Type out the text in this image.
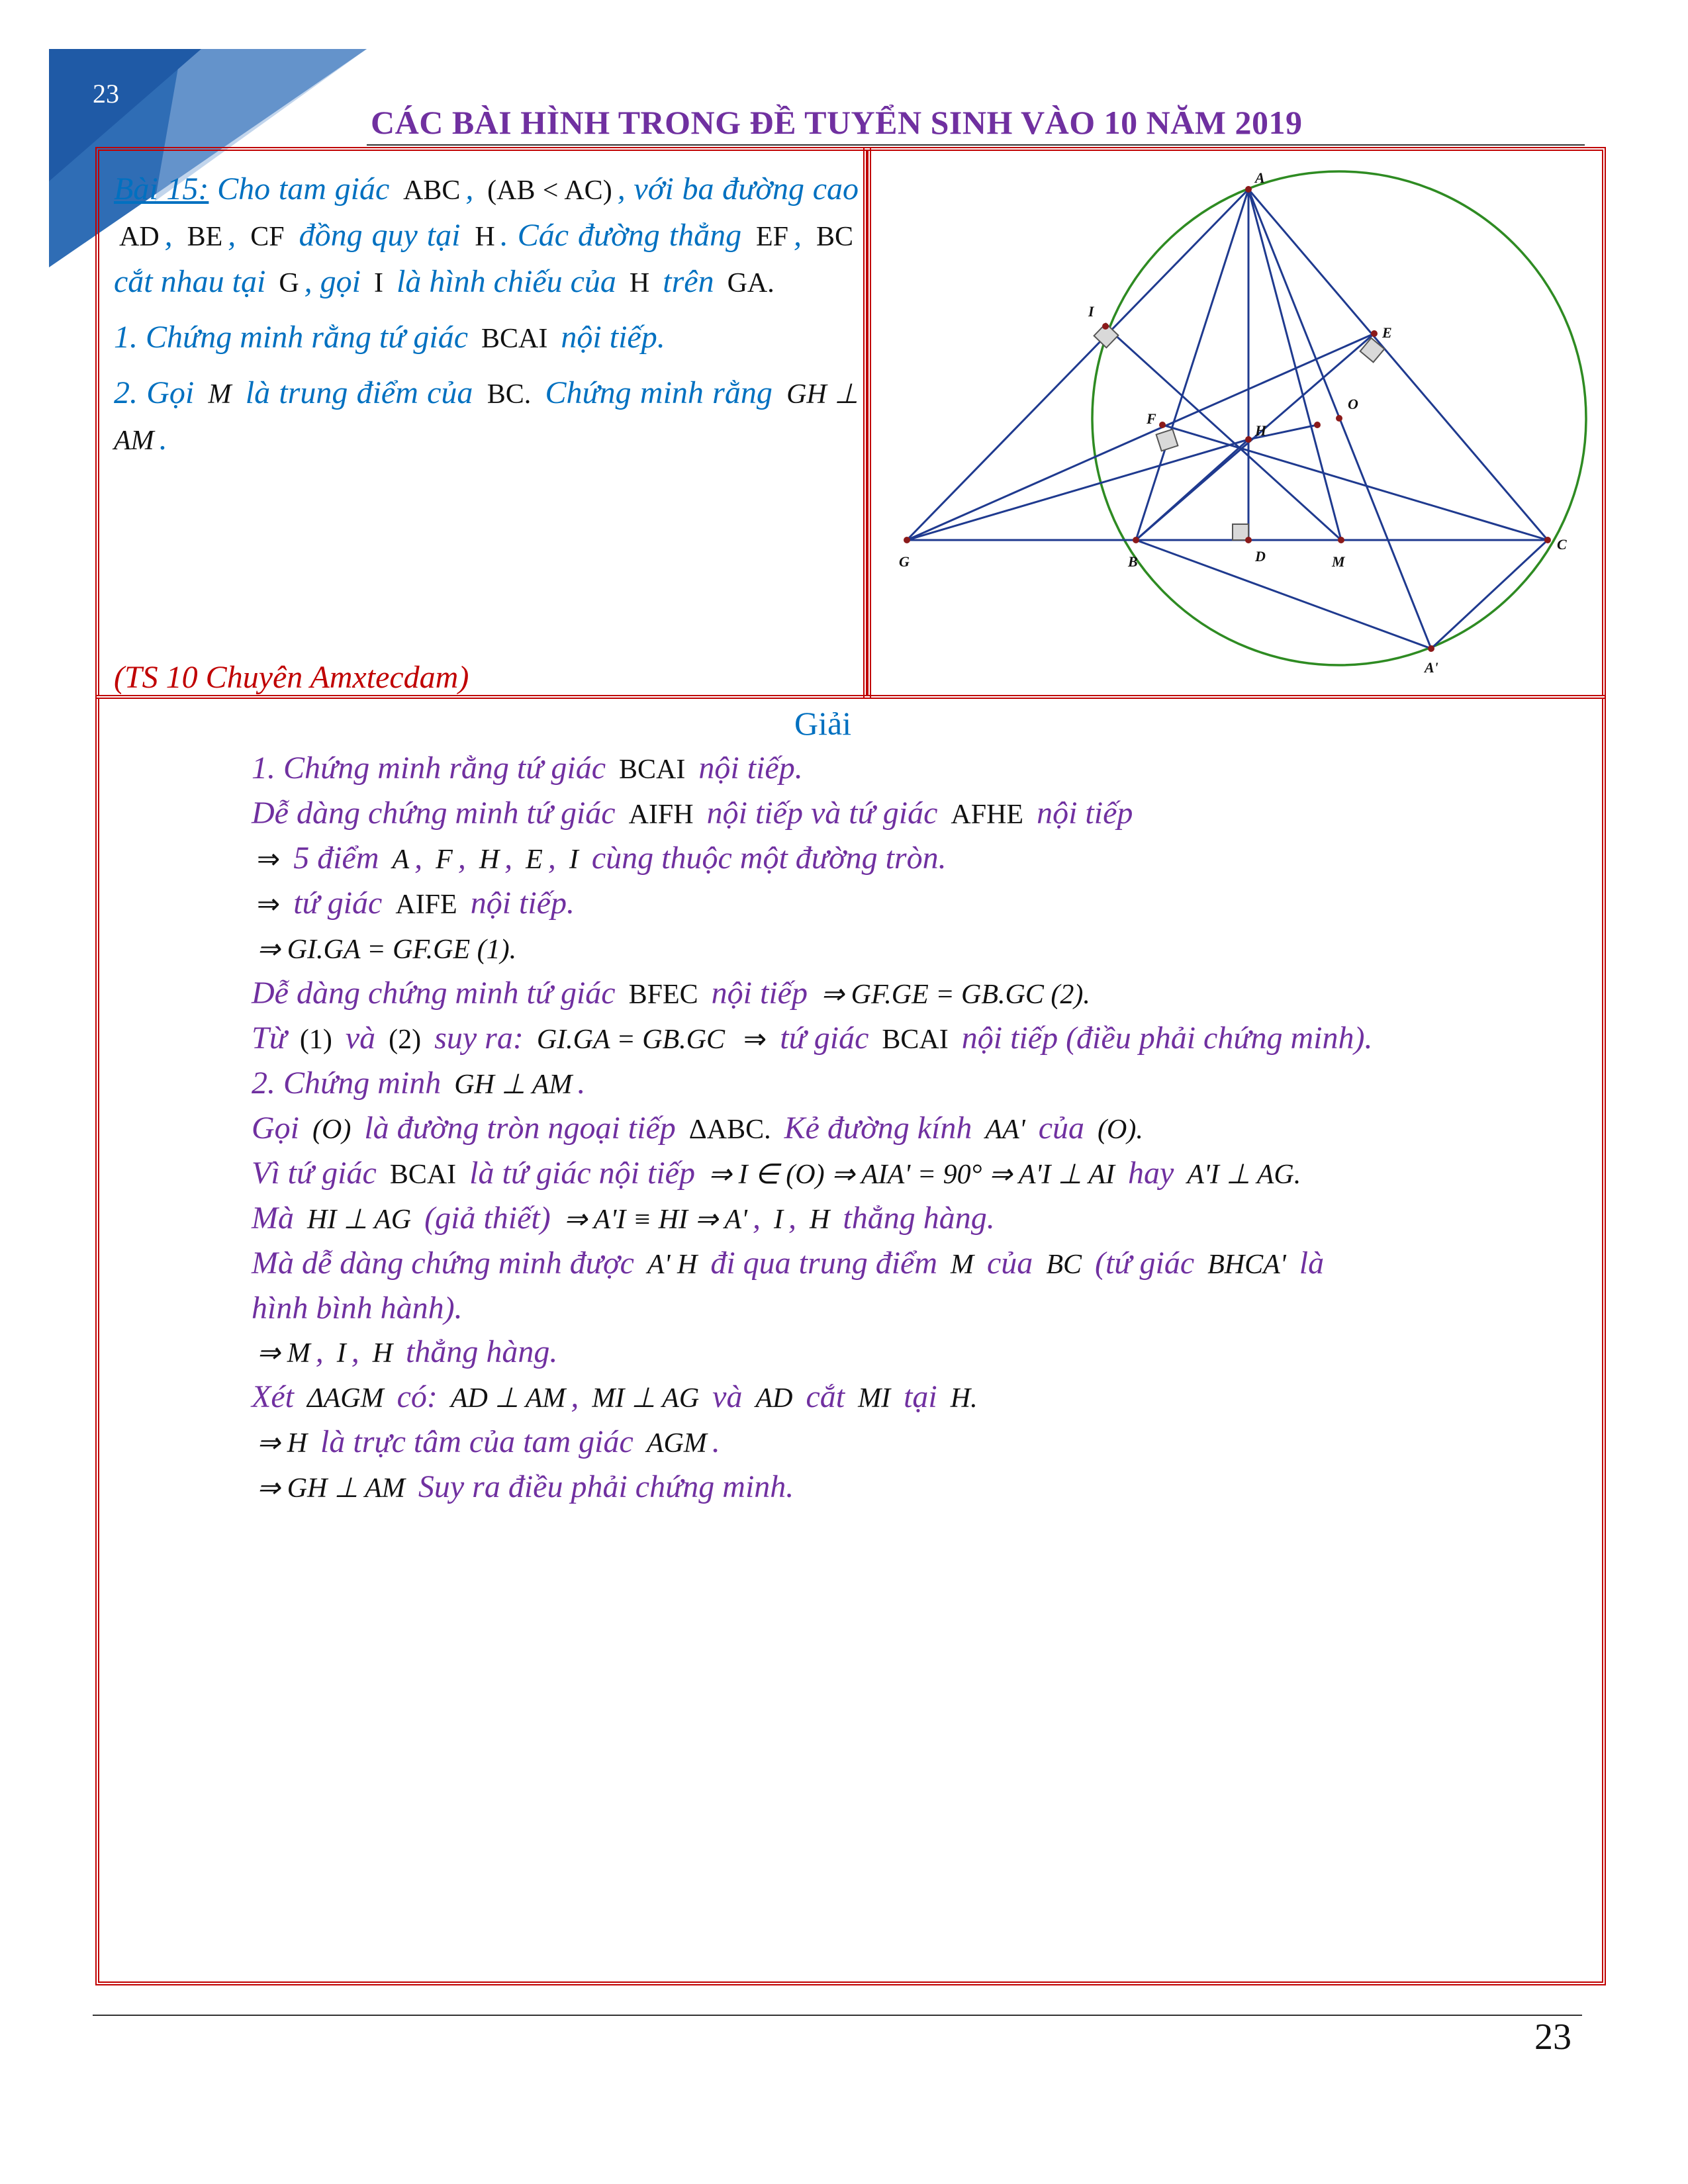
23
CÁC BÀI HÌNH TRONG ĐỀ TUYỂN SINH VÀO 10 NĂM 2019

Bài 15: Cho tam giác ABC , (AB < AC) , với ba đường cao AD , BE , CF đồng quy tại H . Các đường thẳng EF , BC cắt nhau tại G , gọi I là hình chiếu của H trên GA.

1. Chứng minh rằng tứ giác BCAI nội tiếp.

2. Gọi M là trung điểm của BC. Chứng minh rằng GH ⊥ AM .

(TS 10 Chuyên Amxtecdam)
A
I
E
O
F
H
G	B	D	M
C
A'
Giải
1. Chứng minh rằng tứ giác BCAI nội tiếp.
Dễ dàng chứng minh tứ giác AIFH nội tiếp và tứ giác AFHE nội tiếp
⇒ 5 điểm A , F , H , E , I cùng thuộc một đường tròn.
⇒ tứ giác AIFE nội tiếp.
⇒ GI.GA = GF.GE (1).
Dễ dàng chứng minh tứ giác BFEC nội tiếp ⇒ GF.GE = GB.GC (2).
Từ (1) và (2) suy ra: GI.GA = GB.GC ⇒ tứ giác BCAI nội tiếp (điều phải chứng minh).
2. Chứng minh GH ⊥ AM .
Gọi (O) là đường tròn ngoại tiếp ΔABC. Kẻ đường kính AA' của (O).
Vì tứ giác BCAI là tứ giác nội tiếp ⇒ I ∈ (O) ⇒ AIA' = 90° ⇒ A'I ⊥ AI hay A'I ⊥ AG.
Mà HI ⊥ AG (giả thiết) ⇒ A'I ≡ HI ⇒ A' , I , H thẳng hàng.
Mà dễ dàng chứng minh được A' H đi qua trung điểm M của BC (tứ giác BHCA' là
hình bình hành).
⇒ M , I , H thẳng hàng.
Xét ΔAGM có: AD ⊥ AM , MI ⊥ AG và AD cắt MI tại H.
⇒ H là trực tâm của tam giác AGM .
⇒ GH ⊥ AM Suy ra điều phải chứng minh.
23
